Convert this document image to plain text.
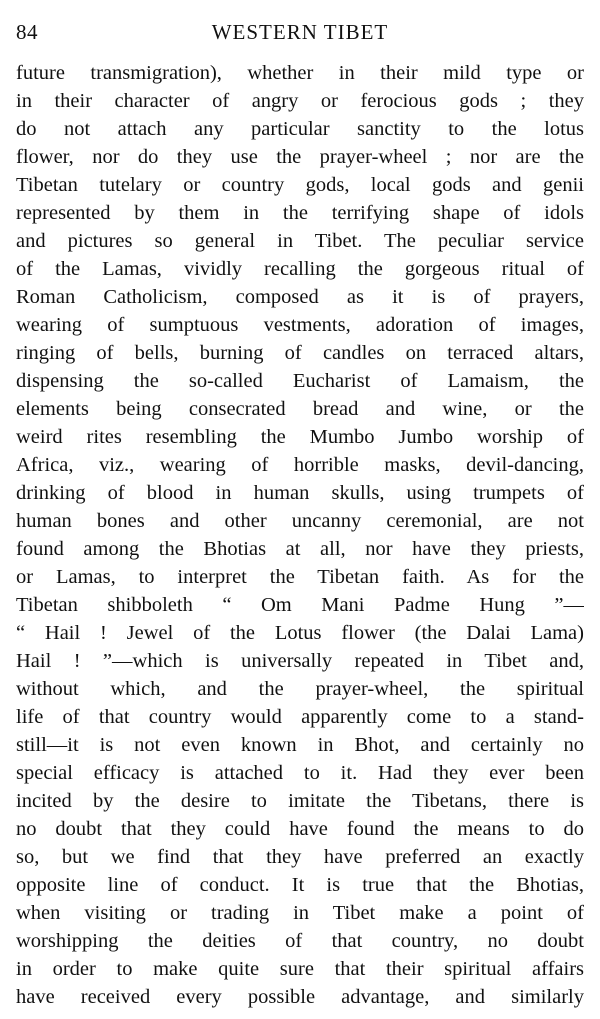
84	WESTERN TIBET
future transmigration), whether in their mild type or
in their character of angry or ferocious gods ; they
do not attach any particular sanctity to the lotus
flower, nor do they use the prayer-wheel ; nor are the
Tibetan tutelary or country gods, local gods and genii
represented by them in the terrifying shape of idols
and pictures so general in Tibet. The peculiar service
of the Lamas, vividly recalling the gorgeous ritual of
Roman Catholicism, composed as it is of prayers,
wearing of sumptuous vestments, adoration of images,
ringing of bells, burning of candles on terraced altars,
dispensing the so-called Eucharist of Lamaism, the
elements being consecrated bread and wine, or the
weird rites resembling the Mumbo Jumbo worship of
Africa, viz., wearing of horrible masks, devil-dancing,
drinking of blood in human skulls, using trumpets of
human bones and other uncanny ceremonial, are not
found among the Bhotias at all, nor have they priests,
or Lamas, to interpret the Tibetan faith. As for the
Tibetan shibboleth “ Om Mani Padme Hung ”—
“ Hail ! Jewel of the Lotus flower (the Dalai Lama)
Hail ! ”—which is universally repeated in Tibet and,
without which, and the prayer-wheel, the spiritual
life of that country would apparently come to a stand-
still—it is not even known in Bhot, and certainly no
special efficacy is attached to it. Had they ever been
incited by the desire to imitate the Tibetans, there is
no doubt that they could have found the means to do
so, but we find that they have preferred an exactly
opposite line of conduct. It is true that the Bhotias,
when visiting or trading in Tibet make a point of
worshipping the deities of that country, no doubt
in order to make quite sure that their spiritual affairs
have received every possible advantage, and similarly
